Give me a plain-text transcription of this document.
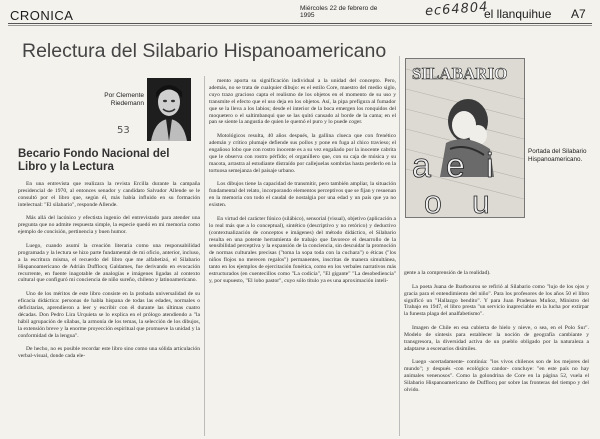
CRONICA	Miércoles 22 de febrero de 1995	ec64804
el llanquihue A7
Relectura del Silabario Hispanoamericano
Por Clemente Riedemann
53
Becario Fondo Nacional del Libro y la Lectura

En una entrevista que realizara la revista Ercilla durante la campaña presidencial de 1970, al entonces senador y candidato Salvador Allende se le consultó por el libro que, según él, más había influido en su formación intelectual: "El silabario", responde Allende.

Más allá del lacónico y efectista ingenio del entrevistado para atender una pregunta que no admite respuesta simple, la especie quedó en mi memoria como ejemplo de concisión, pertinencia y buen humor.

Luego, cuando asumí la creación literaria como una responsabilidad programada y la lectura se hizo parte fundamental de mi oficio, anterior, incluso, a la escritura misma, el recuerdo del libro que me alfabetizó, el Silabario Hispanoamericano de Adrián Dufflocq Galdames, fue derivando en evocación recurrente, en fuente inagotable de analogías e imágenes ligadas al contexto cultural que configuró mi conciencia de niño sureño, chileno y latinoamericano.

Uno de los méritos de este libro consiste en la probada universalidad de su eficacia didáctica: personas de habla hispana de todas las edades, normales o deficitarias, aprendieron a leer y escribir con él durante las últimas cuatro décadas. Don Pedro Lira Urquieta se lo explica en el prólogo atendiendo a "la hábil agrupación de sílabas, la armonía de los temas, la selección de los dibujos, la extensión breve y la enorme proyección espiritual que promueve la unidad y la conformidad de la lengua".

De hecho, no es posible recordar este libro sino como una sólida articulación verbal-visual, donde cada ele-

mento aporta su significación individual a la unidad del concepto. Pero, además, no se trata de cualquier dibujo: es el estilo Core, maestro del medio siglo, cuyo trazo gracioso capta el realismo de los objetos en el momento de su uso y transmite el efecto que el uso deja en los objetos. Así, la pipa prefigura al fumador que se la lleva a los labios; desde el interior de la boca emergen los ronquidos del moquetero o el saltimbanqui que se las quitó cansado al borde de la cama; en el pan se siente la angustia de quien le quemó el puro y lo puede coger.

Motológicos resulta, 40 años después, la gallina clueca que con frenético ademán y crítico plumaje defiende sus pollos y pone en fuga al chico travieso; el engañoso lobo que con rostro inocente es a su vez engañado por la inocente cabrita que le observa con rostro pérfido; el organillero que, con su caja de música y su macota, arrastra al estudiante distraído por callejuelas sombrías hasta perderlo en la tortuosa semejanza del paisaje urbano.

Los dibujos tiene la capacidad de transmitir, pero también ampliar, la situación fundamental del relato, incorporando elementos perceptivos que se fijan y resuenan en la memoria con todo el caudal de nostalgia por una edad y un país que ya no existen.

En virtud del carácter fónico (silábico), sensorial (visual), objetivo (aplicación a lo real más que a lo conceptual), sintético (descriptivo y no retórico) y deductivo (contextualización de conceptos e imágenes) del método didáctico, el Silabario resulta en una potente herramienta de trabajo que favorece el desarrollo de la sensibilidad perceptiva y la expansión de la conciencia, sin descuidar la promoción de normas culturales precisas ("toma la sopa toda con la cuchara") o éticas ("los niños flojos no merecen regalos") permanentes, inscritas de manera simultánea, tanto en los ejemplos de ejercitación fonética, como en los verbales narrativos más estructurados (en cuentecillos como "La codicia", "El gigante" "La desobediencia" y, por supuesto, "El lobo pastor", cuyo sólo título ya es una aproximación inteli-

SILABARIO
a e i
o u
Portada del Silabario Hispanoamericano.

gente a la comprensión de la realidad).

La poeta Juana de Ibarbourou se refirió al Silabario como "lujo de los ojos y gracia para el entendimiento del niño". Para los profesores de los años 50 el libro significó un "Hallazgo bendito". Y para Juan Pradenas Muñoz, Ministro del Trabajo en 1947, el libro presta "un servicio inapreciable en la lucha por extirpar la funesta plaga del analfabetismo".

Imagen de Chile en esa cubierta de hielo y nieve, o sea, en el Polo Sur". Modelo de síntesis para establecer la noción de geografía cambiante y transgresora, la diversidad activa de un pueblo obligado por la naturaleza a adaptarse a escenarios disímiles.

Luego -acertadamente- continúa: "los vivos chilenos son de los mejores del mundo"; y después -con ecológico candor- concluye: "en este país no hay animales venenosos". Como la golondrina de Core en la página 52, vuela el Silabario Hispanoamericano de Dufflocq por sobre las fronteras del tiempo y del olvido.
